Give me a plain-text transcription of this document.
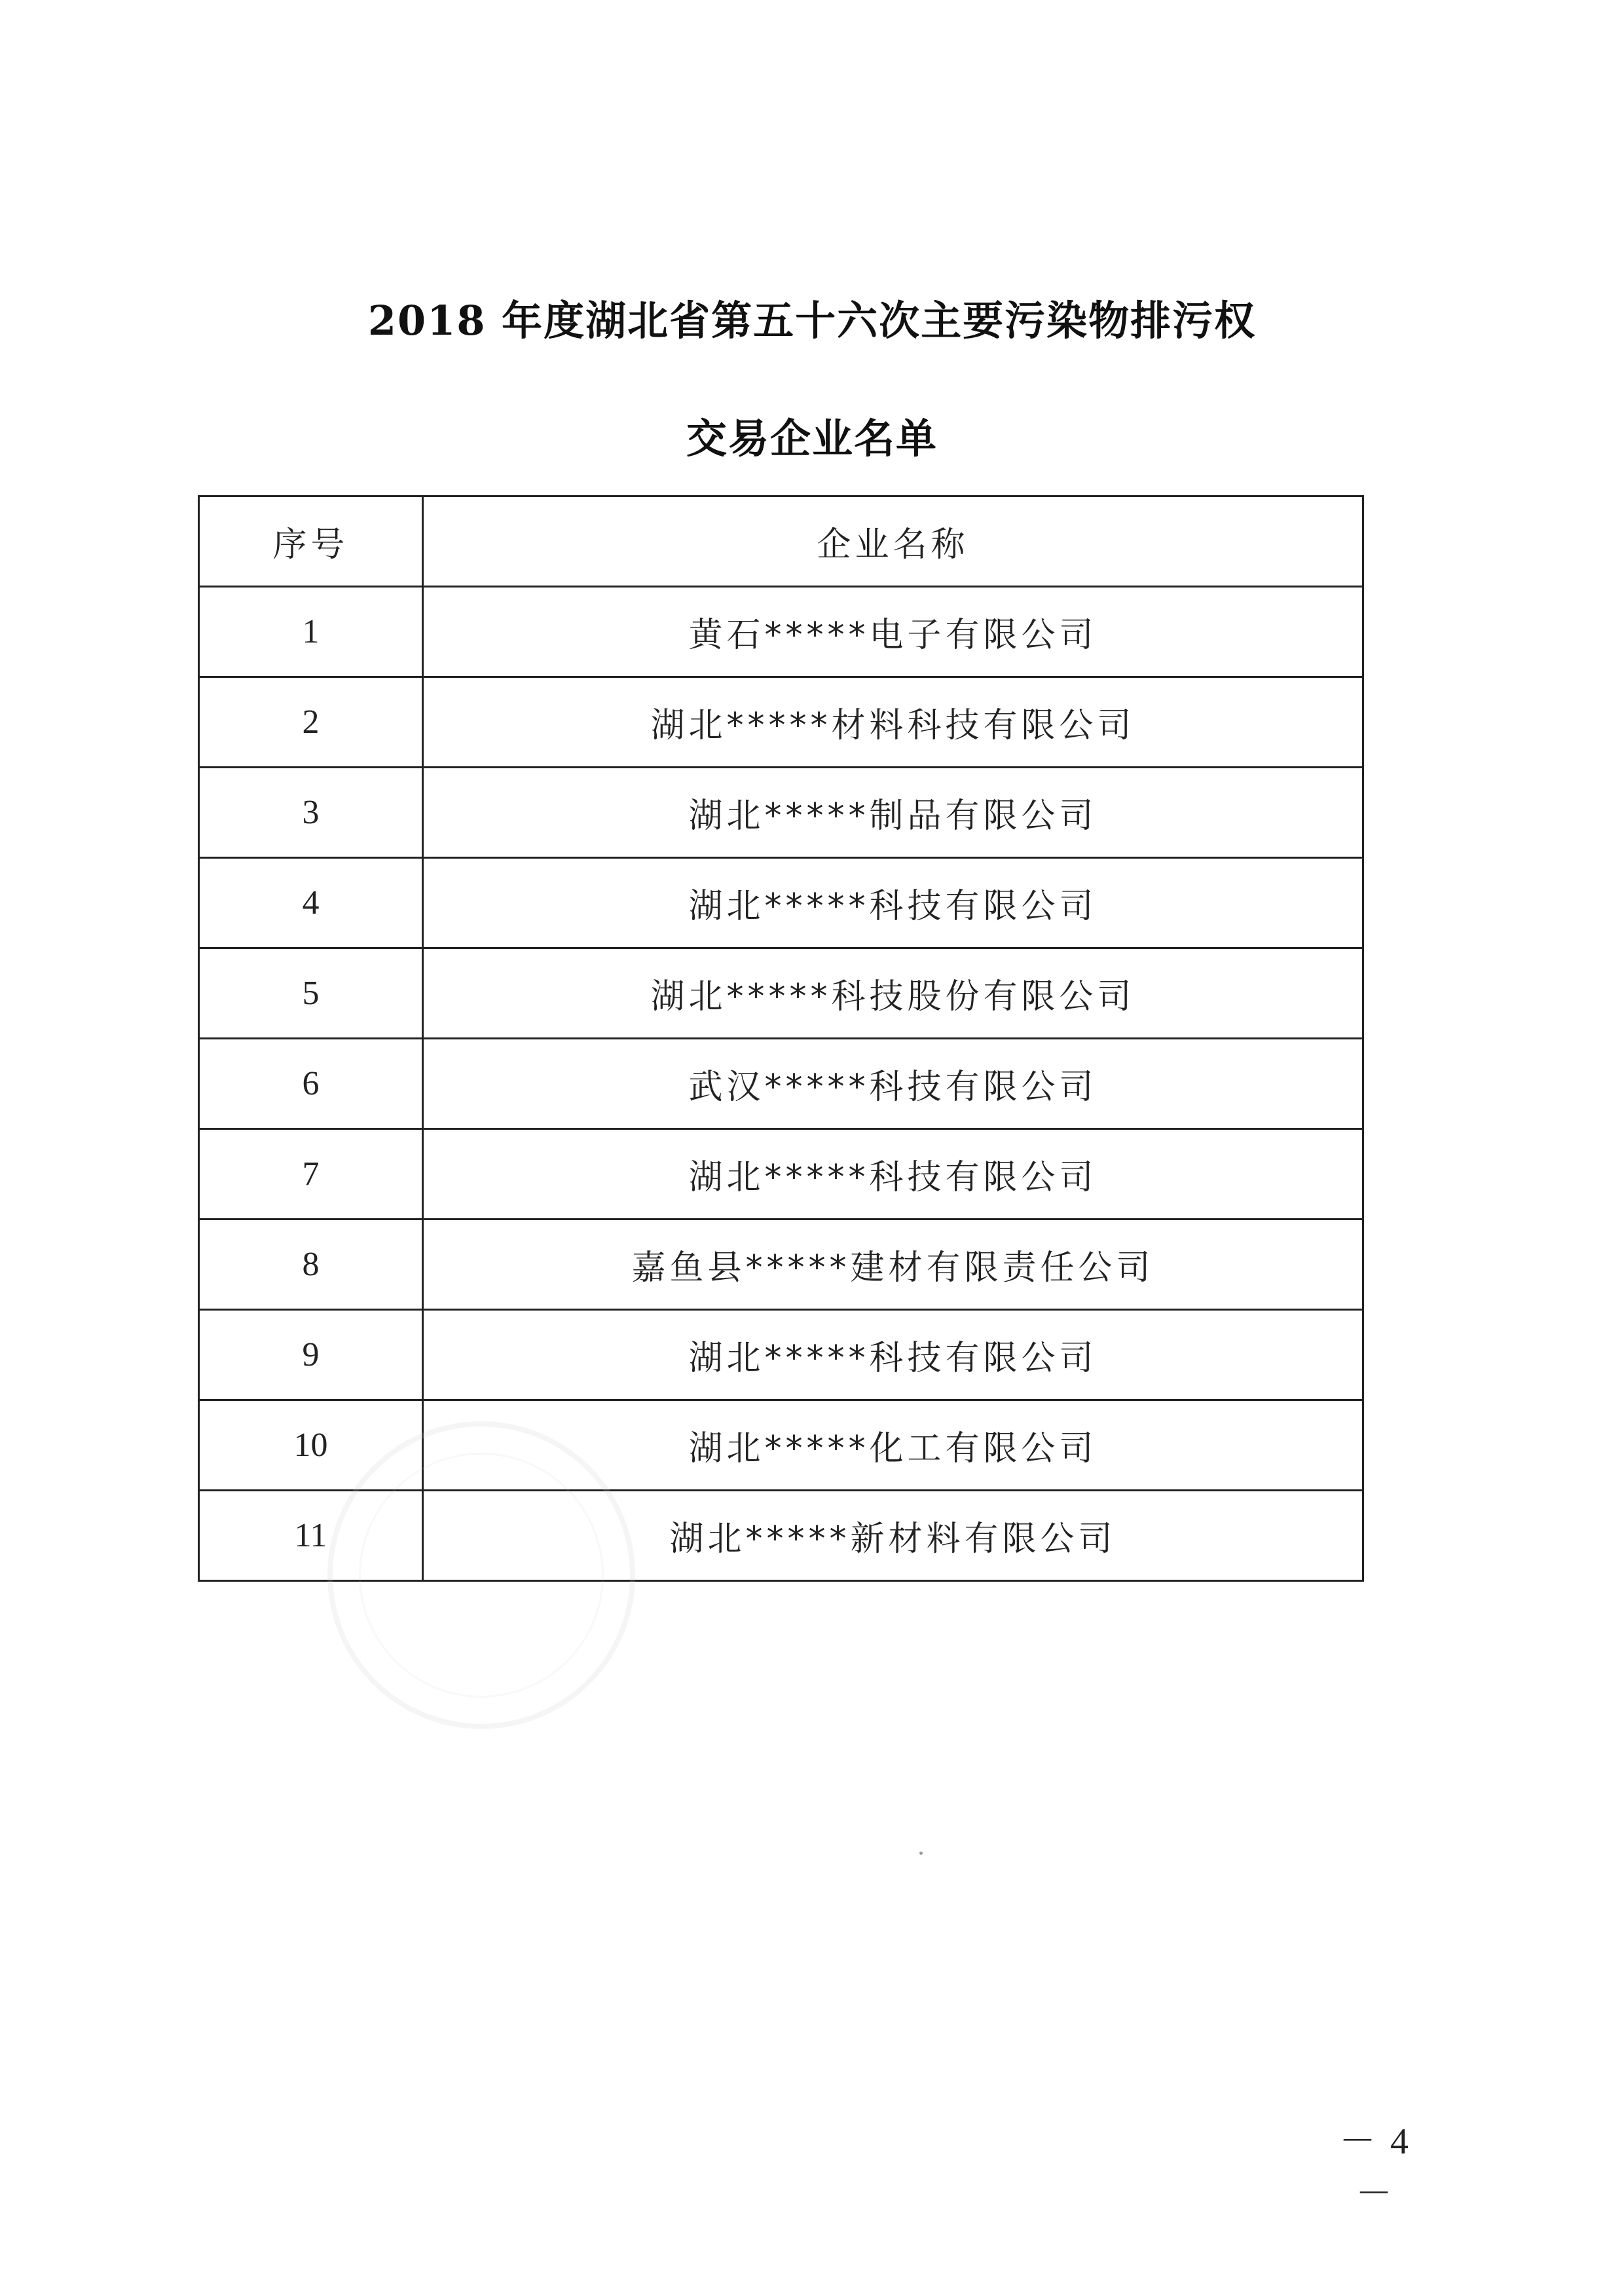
2018 年度湖北省第五十六次主要污染物排污权
交易企业名单
序号	企业名称
1	黄石*****电子有限公司
2	湖北*****材料科技有限公司
3	湖北*****制品有限公司
4	湖北*****科技有限公司
5	湖北*****科技股份有限公司
6	武汉*****科技有限公司
7	湖北*****科技有限公司
8	嘉鱼县*****建材有限责任公司
9	湖北*****科技有限公司
10	湖北*****化工有限公司
11	湖北*****新材料有限公司
－ 4 －
